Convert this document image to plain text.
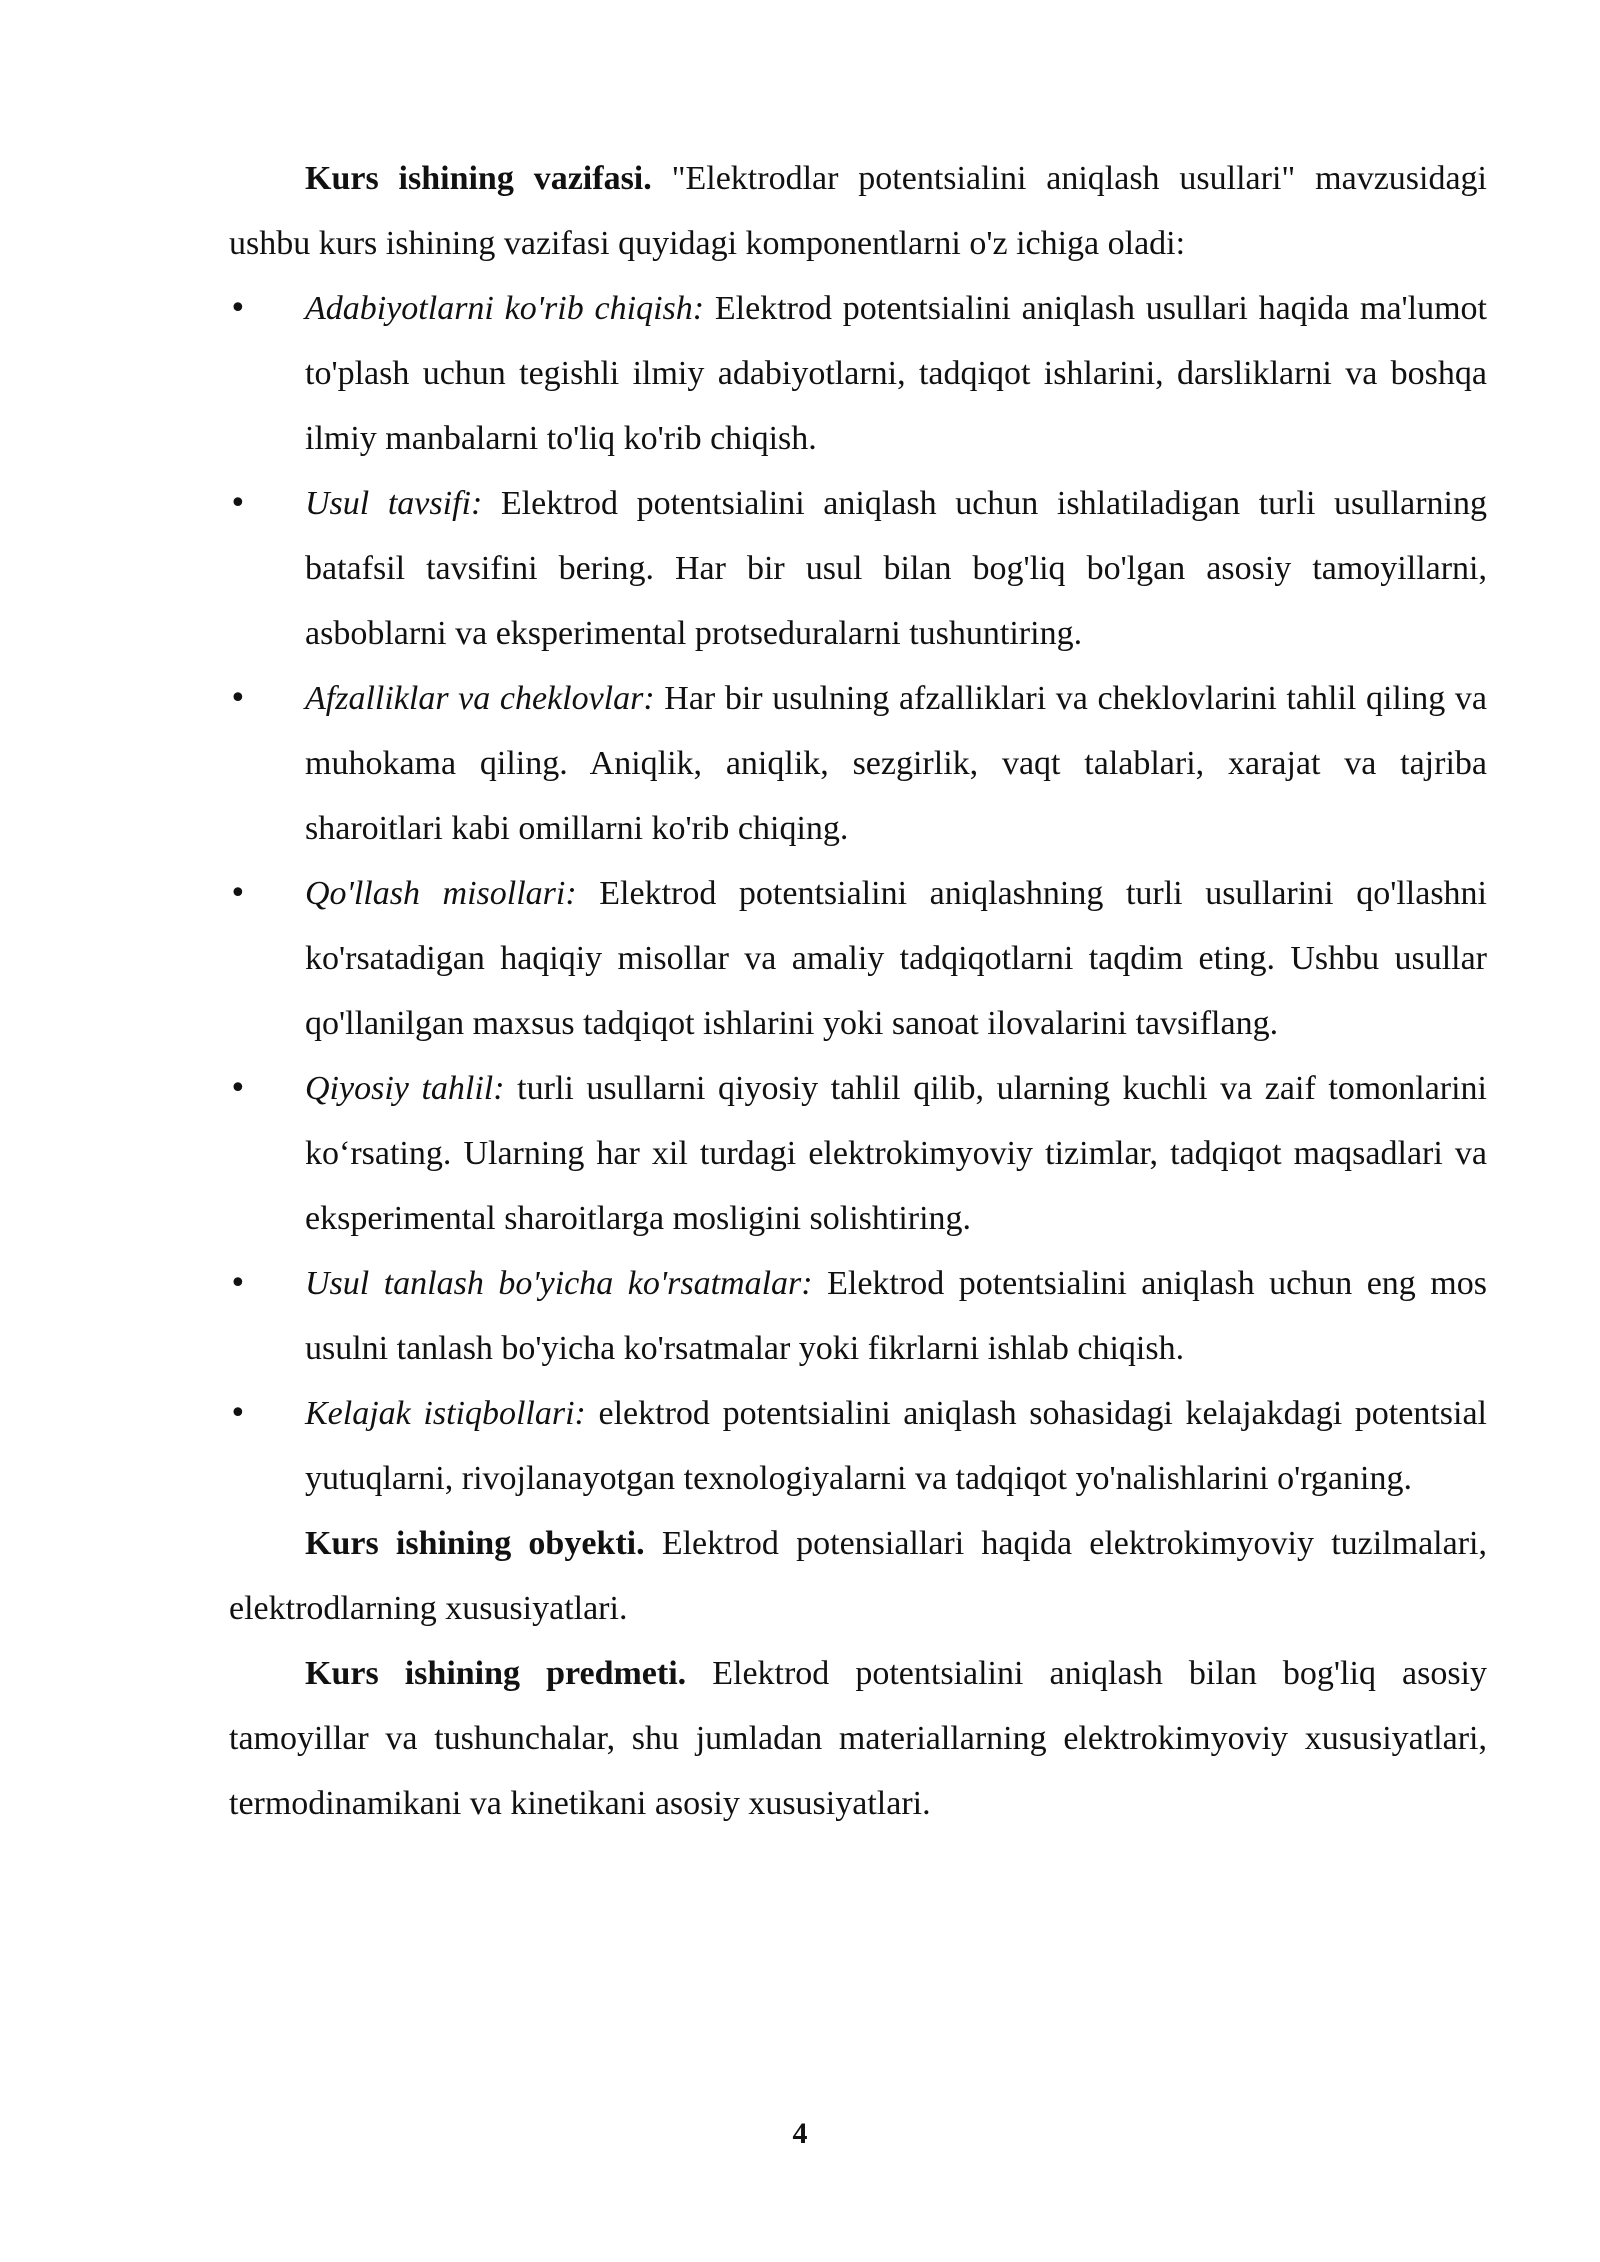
Kurs ishining vazifasi. "Elektrodlar potentsialini aniqlash usullari" mavzusidagi ushbu kurs ishining vazifasi quyidagi komponentlarni o'z ichiga oladi:

• Adabiyotlarni ko'rib chiqish: Elektrod potentsialini aniqlash usullari haqida ma'lumot to'plash uchun tegishli ilmiy adabiyotlarni, tadqiqot ishlarini, darsliklarni va boshqa ilmiy manbalarni to'liq ko'rib chiqish.
• Usul tavsifi: Elektrod potentsialini aniqlash uchun ishlatiladigan turli usullarning batafsil tavsifini bering. Har bir usul bilan bog'liq bo'lgan asosiy tamoyillarni, asboblarni va eksperimental protseduralarni tushuntiring.
• Afzalliklar va cheklovlar: Har bir usulning afzalliklari va cheklovlarini tahlil qiling va muhokama qiling. Aniqlik, aniqlik, sezgirlik, vaqt talablari, xarajat va tajriba sharoitlari kabi omillarni ko'rib chiqing.
• Qo'llash misollari: Elektrod potentsialini aniqlashning turli usullarini qo'llashni ko'rsatadigan haqiqiy misollar va amaliy tadqiqotlarni taqdim eting. Ushbu usullar qo'llanilgan maxsus tadqiqot ishlarini yoki sanoat ilovalarini tavsiflang.
• Qiyosiy tahlil: turli usullarni qiyosiy tahlil qilib, ularning kuchli va zaif tomonlarini ko‘rsating. Ularning har xil turdagi elektrokimyoviy tizimlar, tadqiqot maqsadlari va eksperimental sharoitlarga mosligini solishtiring.
• Usul tanlash bo'yicha ko'rsatmalar: Elektrod potentsialini aniqlash uchun eng mos usulni tanlash bo'yicha ko'rsatmalar yoki fikrlarni ishlab chiqish.
• Kelajak istiqbollari: elektrod potentsialini aniqlash sohasidagi kelajakdagi potentsial yutuqlarni, rivojlanayotgan texnologiyalarni va tadqiqot yo'nalishlarini o'rganing.

Kurs ishining obyekti. Elektrod potensiallari haqida elektrokimyoviy tuzilmalari, elektrodlarning xususiyatlari.

Kurs ishining predmeti. Elektrod potentsialini aniqlash bilan bog'liq asosiy tamoyillar va tushunchalar, shu jumladan materiallarning elektrokimyoviy xususiyatlari, termodinamikani va kinetikani asosiy xususiyatlari.

4
